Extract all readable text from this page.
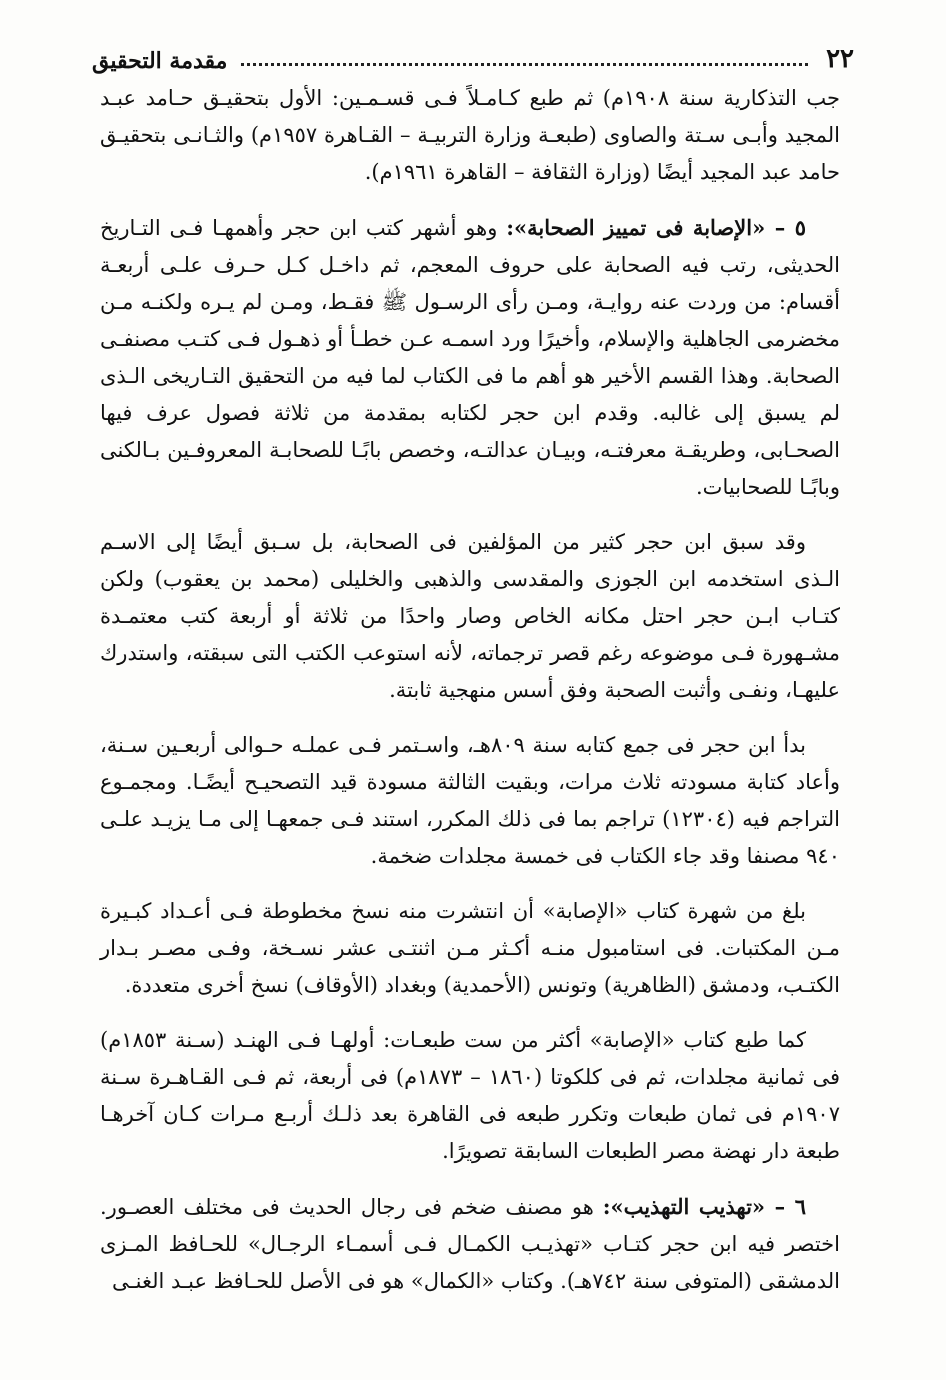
٢٢
مقدمة التحقيق

جب التذكارية سنة ١٩٠٨م) ثم طبع كـامـلاً فـى قسـمـين: الأول بتحقيـق حـامد عبـد المجيد وأبـى سـتة والصاوى (طبعـة وزارة التربيـة – القـاهرة ١٩٥٧م) والثـانـى بتحقيـق حامد عبد المجيد أيضًا (وزارة الثقافة – القاهرة ١٩٦١م).

٥ – «الإصابة فى تمييز الصحابة»: وهو أشهر كتب ابن حجر وأهمهـا فـى التـاريخ الحديثى، رتب فيه الصحابة على حروف المعجم، ثم داخـل كـل حـرف علـى أربعـة أقسام: من وردت عنه روايـة، ومـن رأى الرسـول ﷺ فقـط، ومـن لم يـره ولكنـه مـن مخضرمى الجاهلية والإسلام، وأخيرًا ورد اسمـه عـن خطـأ أو ذهـول فـى كتـب مصنفـى الصحابة. وهذا القسم الأخير هو أهم ما فى الكتاب لما فيه من التحقيق التـاريخى الـذى لم يسبق إلى غالبه. وقدم ابن حجر لكتابه بمقدمة من ثلاثة فصول عرف فيها الصحـابى، وطريقـة معرفتـه، وبيـان عدالتـه، وخصص بابًـا للصحابـة المعروفـين بـالكنى وبابًـا للصحابيات.

وقد سبق ابن حجر كثير من المؤلفين فى الصحابة، بل سـبق أيضًا إلى الاسـم الـذى استخدمه ابن الجوزى والمقدسى والذهبى والخليلى (محمد بن يعقوب) ولكن كتـاب ابـن حجر احتل مكانه الخاص وصار واحدًا من ثلاثة أو أربعة كتب معتمـدة مشـهورة فـى موضوعه رغم قصر ترجماته، لأنه استوعب الكتب التى سبقته، واستدرك عليهـا، ونفـى وأثبت الصحبة وفق أسس منهجية ثابتة.

بدأ ابن حجر فى جمع كتابه سنة ٨٠٩هـ، واسـتمر فـى عملـه حـوالى أربعـين سـنة، وأعاد كتابة مسودته ثلاث مرات، وبقيت الثالثة مسودة قيد التصحيـح أيضًـا. ومجمـوع التراجم فيه (١٢٣٠٤) تراجم بما فى ذلك المكرر، استند فـى جمعهـا إلى مـا يزيـد علـى ٩٤٠ مصنفا وقد جاء الكتاب فى خمسة مجلدات ضخمة.

بلغ من شهرة كتاب «الإصابة» أن انتشرت منه نسخ مخطوطة فـى أعـداد كبـيرة مـن المكتبات. فى استامبول منـه أكـثر مـن اثنتـى عشر نسـخة، وفـى مصـر بـدار الكتـب، ودمشق (الظاهرية) وتونس (الأحمدية) وبغداد (الأوقاف) نسخ أخرى متعددة.

كما طبع كتاب «الإصابة» أكثر من ست طبعـات: أولهـا فـى الهنـد (سـنة ١٨٥٣م) فى ثمانية مجلدات، ثم فى كلكوتا (١٨٦٠ – ١٨٧٣م) فى أربعة، ثم فـى القـاهـرة سـنة ١٩٠٧م فى ثمان طبعات وتكرر طبعه فى القاهرة بعد ذلـك أربـع مـرات كـان آخرهـا طبعة دار نهضة مصر الطبعات السابقة تصويرًا.

٦ – «تهذيب التهذيب»: هو مصنف ضخم فى رجال الحديث فى مختلف العصـور. اختصر فيه ابن حجر كتـاب «تهذيـب الكمـال فـى أسمـاء الرجـال» للحـافظ المـزى الدمشقى (المتوفى سنة ٧٤٢هـ). وكتاب «الكمال» هو فى الأصل للحـافظ عبـد الغنـى
